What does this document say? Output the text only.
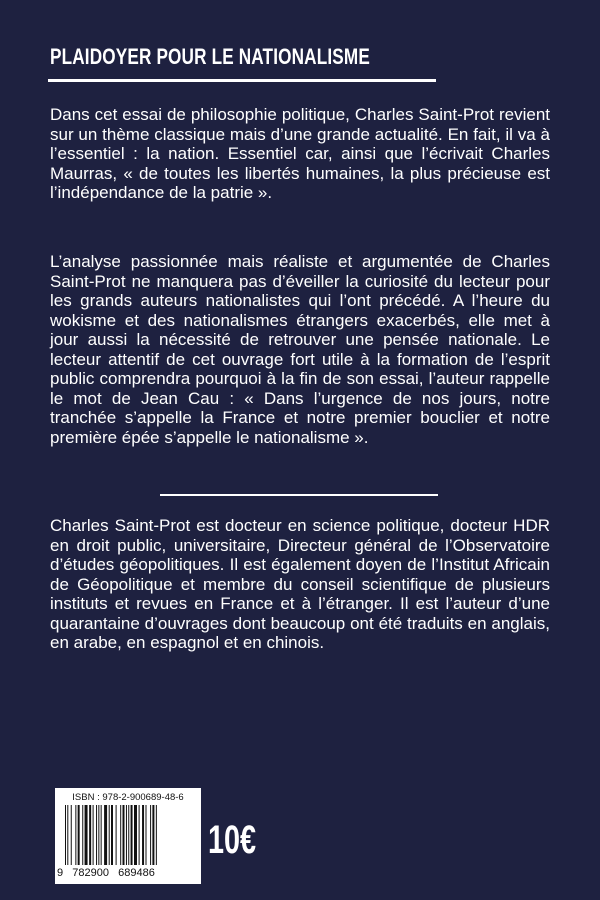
PLAIDOYER POUR LE NATIONALISME

Dans cet essai de philosophie politique, Charles Saint-Prot revient sur un thème classique mais d’une grande actualité. En fait, il va à l’essentiel : la nation. Essentiel car, ainsi que l’écrivait Charles Maurras, « de toutes les libertés humaines, la plus précieuse est l’indépendance de la patrie ».

L’analyse passionnée mais réaliste et argumentée de Charles Saint-Prot ne manquera pas d’éveiller la curiosité du lecteur pour les grands auteurs nationalistes qui l’ont précédé. A l’heure du wokisme et des nationalismes étrangers exacerbés, elle met à jour aussi la nécessité de retrouver une pensée nationale. Le lecteur attentif de cet ouvrage fort utile à la formation de l’esprit public comprendra pourquoi à la fin de son essai, l’auteur rappelle le mot de Jean Cau : « Dans l’urgence de nos jours, notre tranchée s’appelle la France et notre premier bouclier et notre première épée s’appelle le nationalisme ».

Charles Saint-Prot est docteur en science politique, docteur HDR en droit public, universitaire, Directeur général de l’Observatoire d’études géopolitiques. Il est également doyen de l’Institut Africain de Géopolitique et membre du conseil scientifique de plusieurs instituts et revues en France et à l’étranger. Il est l’auteur d’une quarantaine d’ouvrages dont beaucoup ont été traduits en anglais, en arabe, en espagnol et en chinois.

ISBN : 978-2-900689-48-6
9   782900   689486
10€
